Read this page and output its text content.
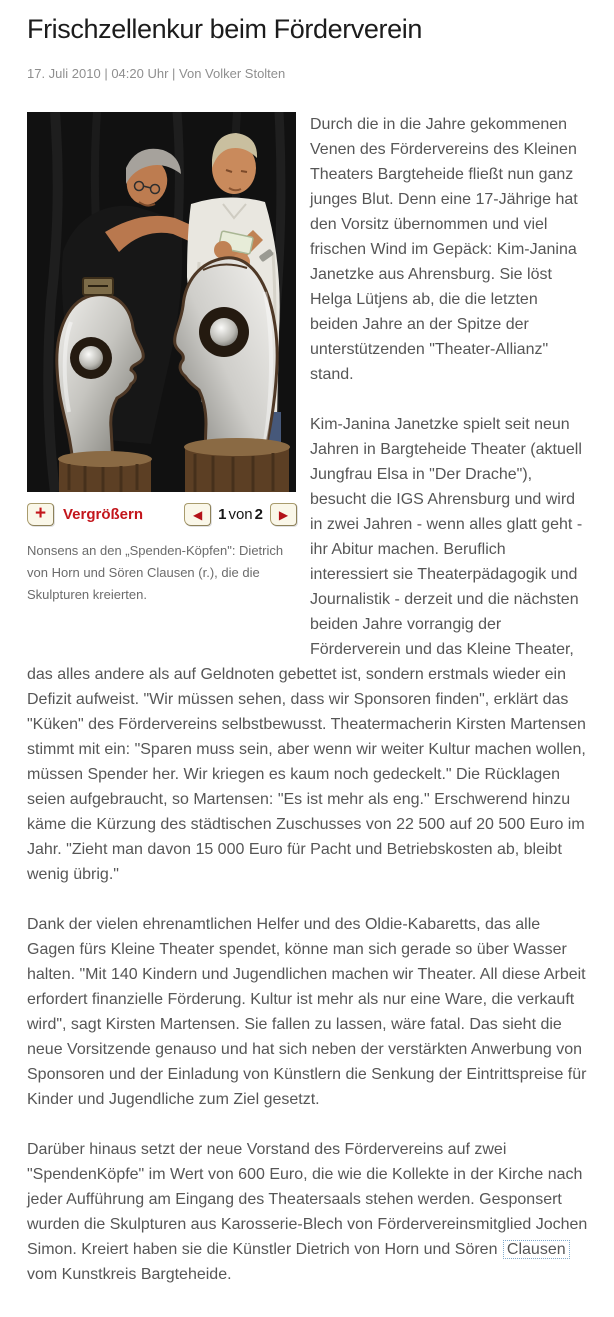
Frischzellenkur beim Förderverein
17. Juli 2010 | 04:20 Uhr | Von Volker Stolten
+ Vergrößern	◀ 1 von 2 ▶
Nonsens an den „Spenden-Köpfen": Dietrich von Horn und Sören Clausen (r.), die die Skulpturen kreierten.

Durch die in die Jahre gekommenen Venen des Fördervereins des Kleinen Theaters Bargteheide fließt nun ganz junges Blut. Denn eine 17-Jährige hat den Vorsitz übernommen und viel frischen Wind im Gepäck: Kim-Janina Janetzke aus Ahrensburg. Sie löst Helga Lütjens ab, die die letzten beiden Jahre an der Spitze der unterstützenden "Theater-Allianz" stand.

Kim-Janina Janetzke spielt seit neun Jahren in Bargteheide Theater (aktuell Jungfrau Elsa in "Der Drache"), besucht die IGS Ahrensburg und wird in zwei Jahren - wenn alles glatt geht - ihr Abitur machen. Beruflich interessiert sie Theaterpädagogik und Journalistik - derzeit und die nächsten beiden Jahre vorrangig der Förderverein und das Kleine Theater, das alles andere als auf Geldnoten gebettet ist, sondern erstmals wieder ein Defizit aufweist. "Wir müssen sehen, dass wir Sponsoren finden", erklärt das "Küken" des Fördervereins selbstbewusst. Theatermacherin Kirsten Martensen stimmt mit ein: "Sparen muss sein, aber wenn wir weiter Kultur machen wollen, müssen Spender her. Wir kriegen es kaum noch gedeckelt." Die Rücklagen seien aufgebraucht, so Martensen: "Es ist mehr als eng." Erschwerend hinzu käme die Kürzung des städtischen Zuschusses von 22 500 auf 20 500 Euro im Jahr. "Zieht man davon 15 000 Euro für Pacht und Betriebskosten ab, bleibt wenig übrig."

Dank der vielen ehrenamtlichen Helfer und des Oldie-Kabaretts, das alle Gagen fürs Kleine Theater spendet, könne man sich gerade so über Wasser halten. "Mit 140 Kindern und Jugendlichen machen wir Theater. All diese Arbeit erfordert finanzielle Förderung. Kultur ist mehr als nur eine Ware, die verkauft wird", sagt Kirsten Martensen. Sie fallen zu lassen, wäre fatal. Das sieht die neue Vorsitzende genauso und hat sich neben der verstärkten Anwerbung von Sponsoren und der Einladung von Künstlern die Senkung der Eintrittspreise für Kinder und Jugendliche zum Ziel gesetzt.

Darüber hinaus setzt der neue Vorstand des Fördervereins auf zwei "SpendenKöpfe" im Wert von 600 Euro, die wie die Kollekte in der Kirche nach jeder Aufführung am Eingang des Theatersaals stehen werden. Gesponsert wurden die Skulpturen aus Karosserie-Blech von Fördervereinsmitglied Jochen Simon. Kreiert haben sie die Künstler Dietrich von Horn und Sören Clausen vom Kunstkreis Bargteheide.
